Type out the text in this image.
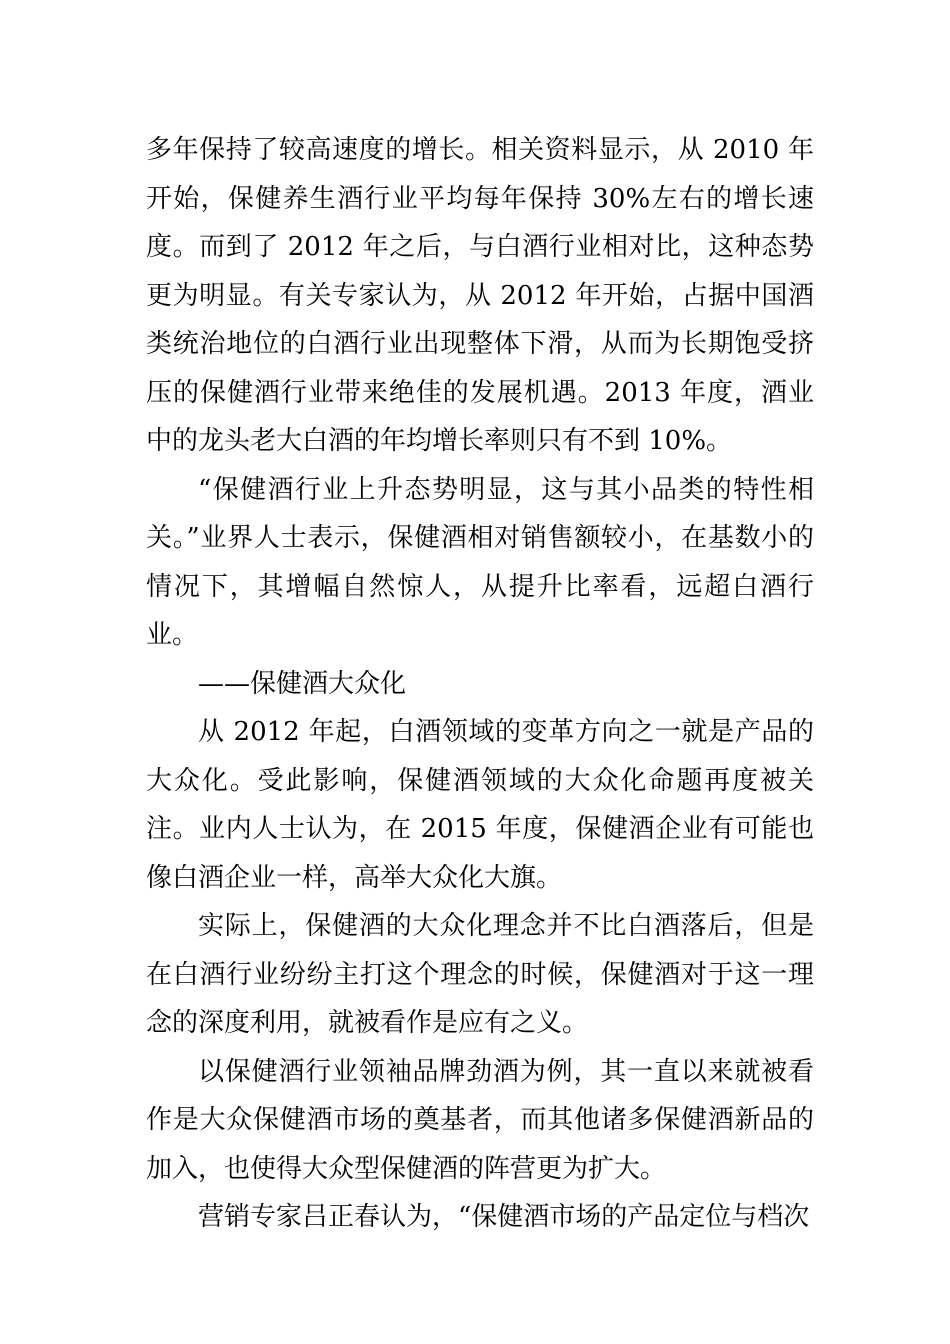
多年保持了较高速度的增长。相关资料显示，从 2010 年开始，保健养生酒行业平均每年保持 30%左右的增长速度。而到了 2012 年之后，与白酒行业相对比，这种态势更为明显。有关专家认为，从 2012 年开始，占据中国酒类统治地位的白酒行业出现整体下滑，从而为长期饱受挤压的保健酒行业带来绝佳的发展机遇。2013 年度，酒业中的龙头老大白酒的年均增长率则只有不到 10%。

“保健酒行业上升态势明显，这与其小品类的特性相关。”业界人士表示，保健酒相对销售额较小，在基数小的情况下，其增幅自然惊人，从提升比率看，远超白酒行业。

——保健酒大众化

从 2012 年起，白酒领域的变革方向之一就是产品的大众化。受此影响，保健酒领域的大众化命题再度被关注。业内人士认为，在 2015 年度，保健酒企业有可能也像白酒企业一样，高举大众化大旗。

实际上，保健酒的大众化理念并不比白酒落后，但是在白酒行业纷纷主打这个理念的时候，保健酒对于这一理念的深度利用，就被看作是应有之义。

以保健酒行业领袖品牌劲酒为例，其一直以来就被看作是大众保健酒市场的奠基者，而其他诸多保健酒新品的加入，也使得大众型保健酒的阵营更为扩大。

营销专家吕正春认为，“保健酒市场的产品定位与档次
